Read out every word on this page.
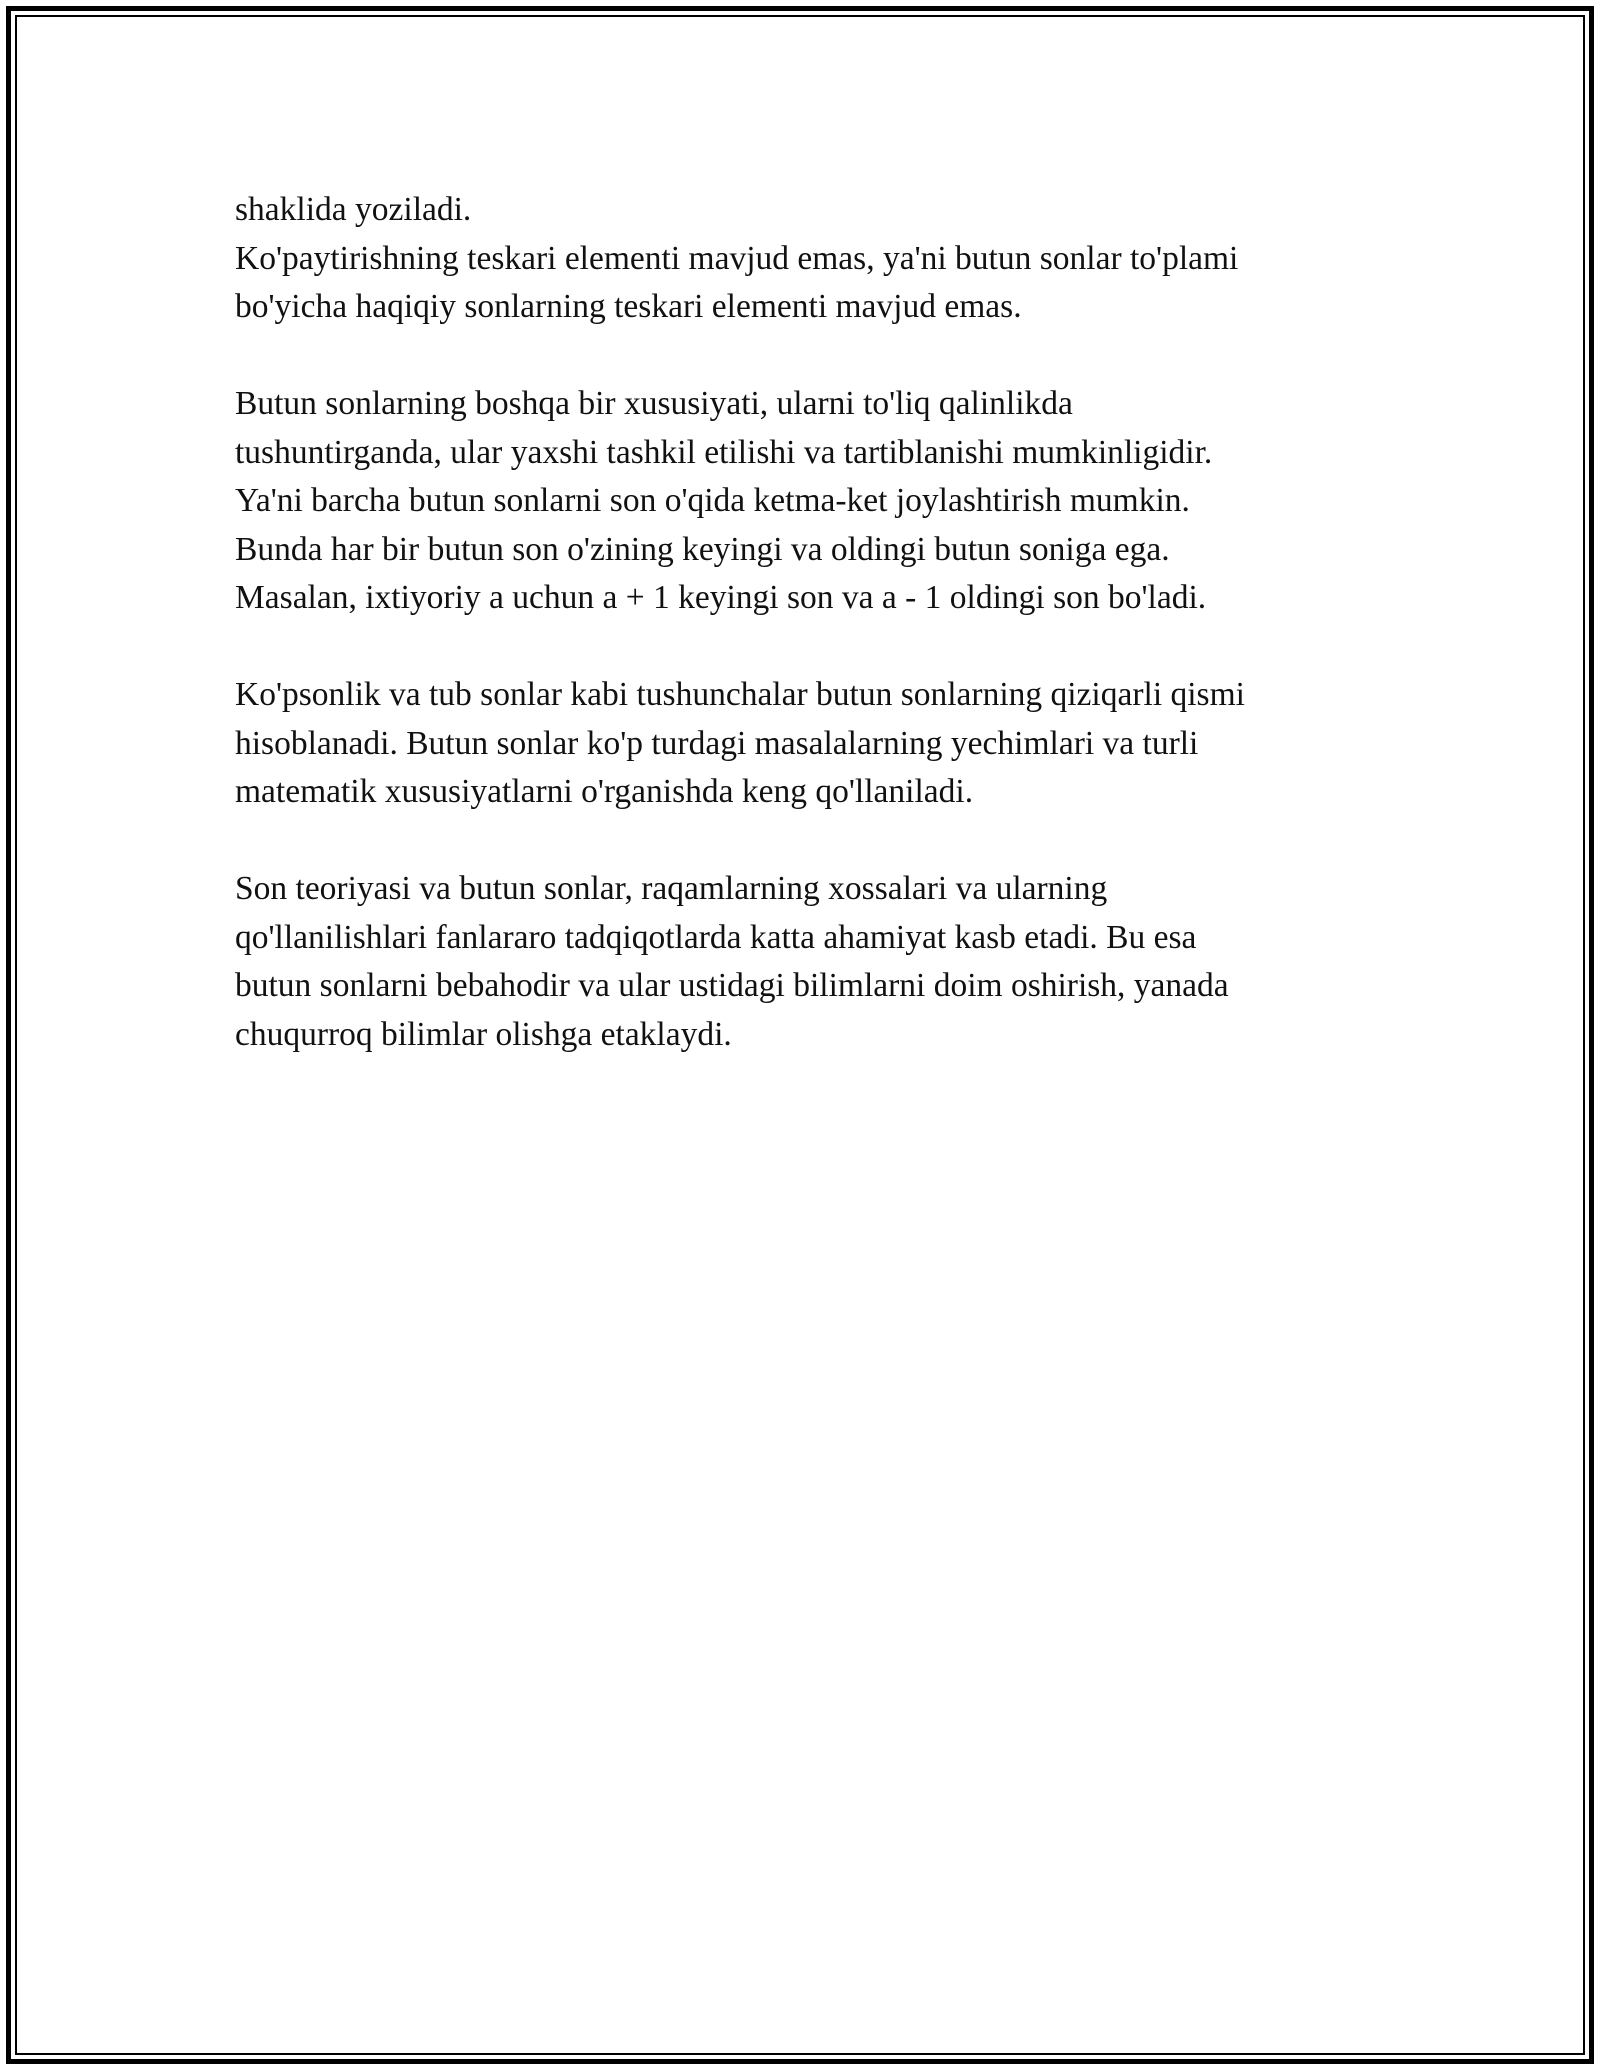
shaklida yoziladi.
Ko'paytirishning teskari elementi mavjud emas, ya'ni butun sonlar to'plami
bo'yicha haqiqiy sonlarning teskari elementi mavjud emas.

Butun sonlarning boshqa bir xususiyati, ularni to'liq qalinlikda
tushuntirganda, ular yaxshi tashkil etilishi va tartiblanishi mumkinligidir.
Ya'ni barcha butun sonlarni son o'qida ketma-ket joylashtirish mumkin.
Bunda har bir butun son o'zining keyingi va oldingi butun soniga ega.
Masalan, ixtiyoriy a uchun a + 1 keyingi son va a - 1 oldingi son bo'ladi.

Ko'psonlik va tub sonlar kabi tushunchalar butun sonlarning qiziqarli qismi
hisoblanadi. Butun sonlar ko'p turdagi masalalarning yechimlari va turli
matematik xususiyatlarni o'rganishda keng qo'llaniladi.

Son teoriyasi va butun sonlar, raqamlarning xossalari va ularning
qo'llanilishlari fanlararo tadqiqotlarda katta ahamiyat kasb etadi. Bu esa
butun sonlarni bebahodir va ular ustidagi bilimlarni doim oshirish, yanada
chuqurroq bilimlar olishga etaklaydi.
